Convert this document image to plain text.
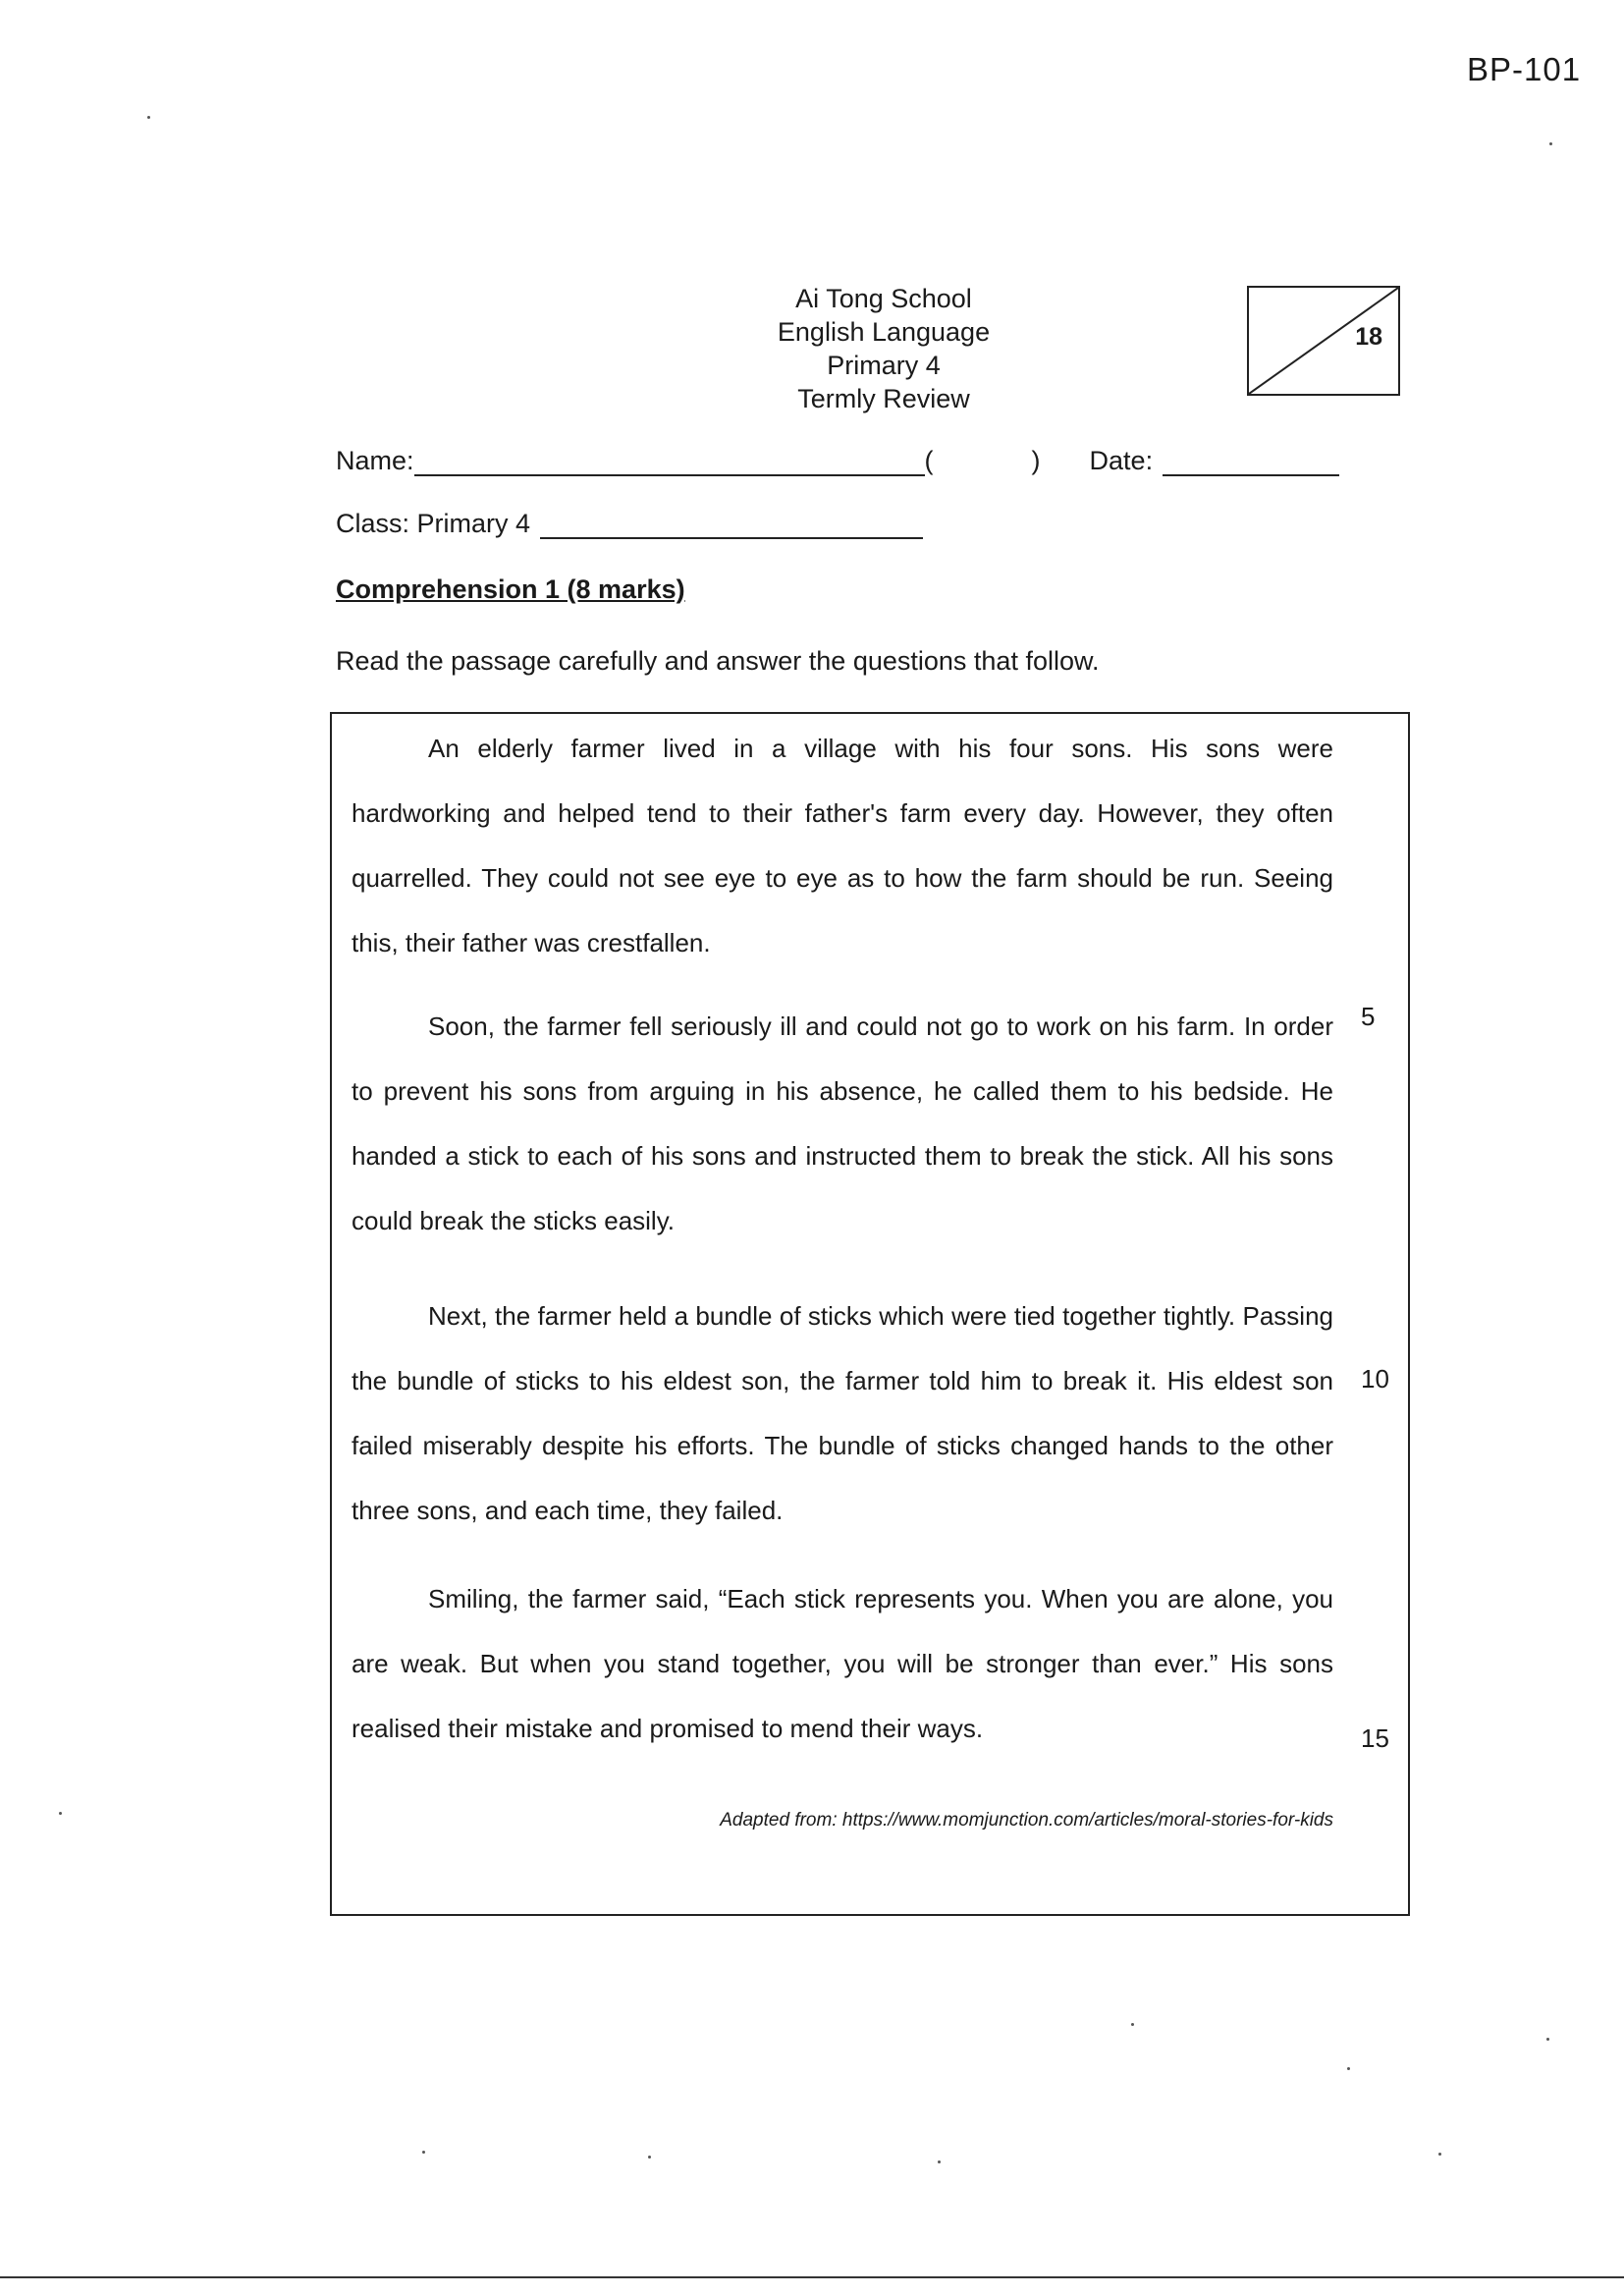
BP-101
Ai Tong School
English Language
Primary 4
Termly Review
18
Name:	(	) Date:
Class: Primary 4
Comprehension 1 (8 marks)
Read the passage carefully and answer the questions that follow.

An elderly farmer lived in a village with his four sons. His sons were hardworking and helped tend to their father's farm every day. However, they often quarrelled. They could not see eye to eye as to how the farm should be run. Seeing this, their father was crestfallen.

Soon, the farmer fell seriously ill and could not go to work on his farm. In order to prevent his sons from arguing in his absence, he called them to his bedside. He handed a stick to each of his sons and instructed them to break the stick. All his sons could break the sticks easily.

Next, the farmer held a bundle of sticks which were tied together tightly. Passing the bundle of sticks to his eldest son, the farmer told him to break it. His eldest son failed miserably despite his efforts. The bundle of sticks changed hands to the other three sons, and each time, they failed.

Smiling, the farmer said, “Each stick represents you. When you are alone, you are weak. But when you stand together, you will be stronger than ever.” His sons realised their mistake and promised to mend their ways.

5
10
15
Adapted from: https://www.momjunction.com/articles/moral-stories-for-kids
